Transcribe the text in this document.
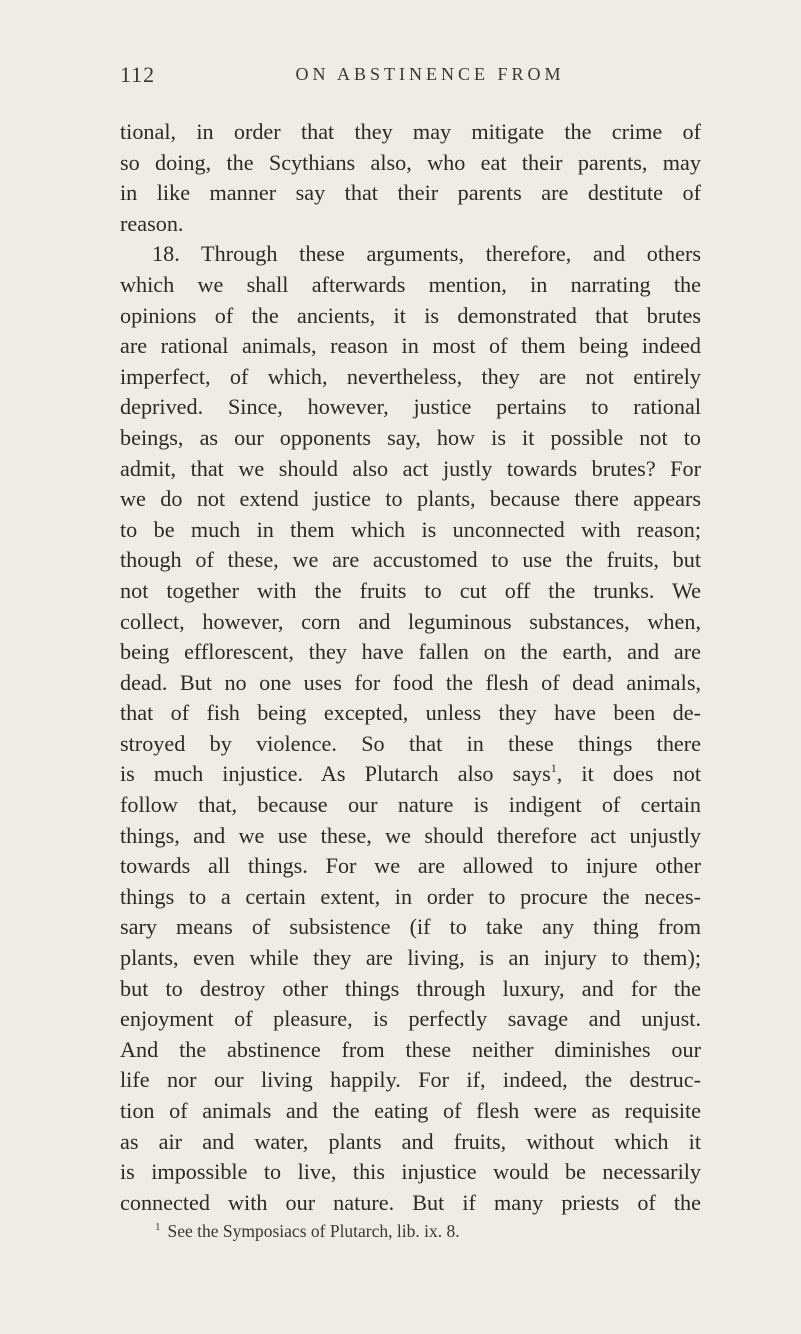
112	ON ABSTINENCE FROM
tional, in order that they may mitigate the crime of
so doing, the Scythians also, who eat their parents, may
in like manner say that their parents are destitute of
reason.
18. Through these arguments, therefore, and others
which we shall afterwards mention, in narrating the
opinions of the ancients, it is demonstrated that brutes
are rational animals, reason in most of them being indeed
imperfect, of which, nevertheless, they are not entirely
deprived. Since, however, justice pertains to rational
beings, as our opponents say, how is it possible not to
admit, that we should also act justly towards brutes? For
we do not extend justice to plants, because there appears
to be much in them which is unconnected with reason;
though of these, we are accustomed to use the fruits, but
not together with the fruits to cut off the trunks. We
collect, however, corn and leguminous substances, when,
being efflorescent, they have fallen on the earth, and are
dead. But no one uses for food the flesh of dead animals,
that of fish being excepted, unless they have been de-
stroyed by violence. So that in these things there
is much injustice. As Plutarch also says$^1$, it does not
follow that, because our nature is indigent of certain
things, and we use these, we should therefore act unjustly
towards all things. For we are allowed to injure other
things to a certain extent, in order to procure the neces-
sary means of subsistence (if to take any thing from
plants, even while they are living, is an injury to them);
but to destroy other things through luxury, and for the
enjoyment of pleasure, is perfectly savage and unjust.
And the abstinence from these neither diminishes our
life nor our living happily. For if, indeed, the destruc-
tion of animals and the eating of flesh were as requisite
as air and water, plants and fruits, without which it
is impossible to live, this injustice would be necessarily
connected with our nature. But if many priests of the
$^1$ See the Symposiacs of Plutarch, lib. ix. 8.
